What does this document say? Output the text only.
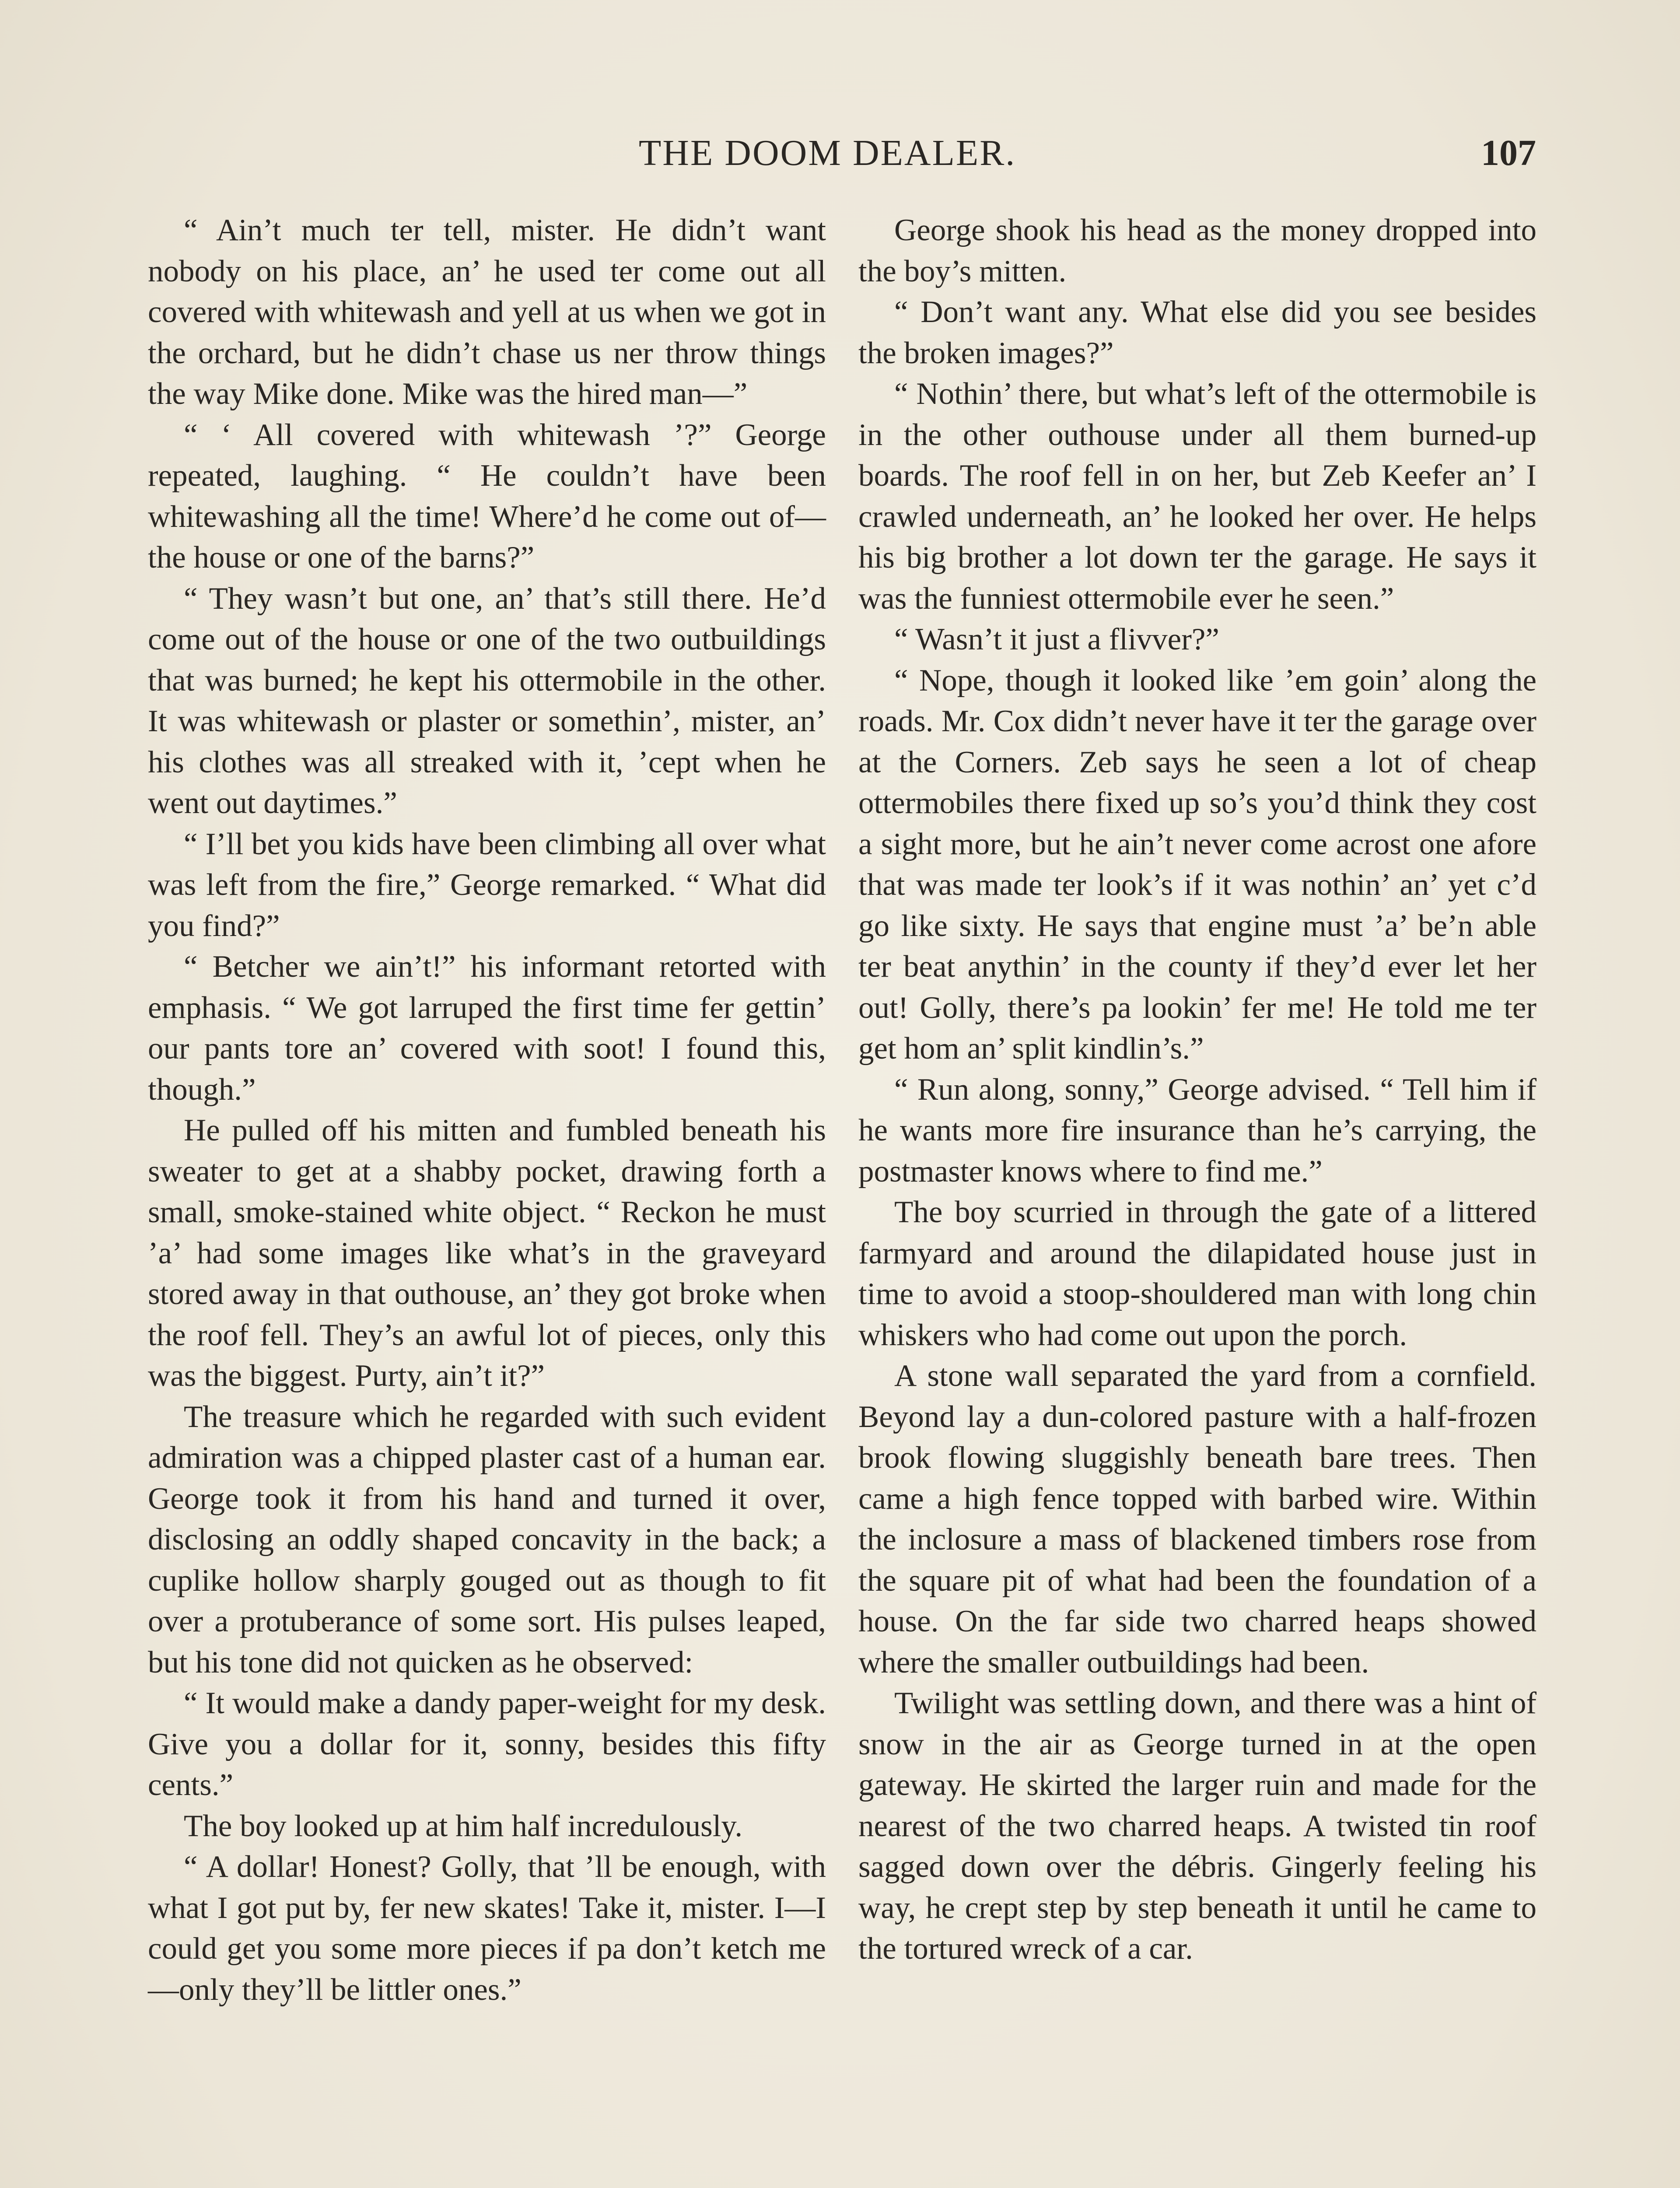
THE DOOM DEALER.	107

“ Ain’t much ter tell, mister. He didn’t want nobody on his place, an’ he used ter come out all covered with whitewash and yell at us when we got in the orchard, but he didn’t chase us ner throw things the way Mike done. Mike was the hired man—”

“ ‘ All covered with whitewash ’?” George repeated, laughing. “ He couldn’t have been whitewashing all the time! Where’d he come out of—the house or one of the barns?”

“ They wasn’t but one, an’ that’s still there. He’d come out of the house or one of the two outbuildings that was burned; he kept his ottermobile in the other. It was whitewash or plaster or somethin’, mister, an’ his clothes was all streaked with it, ’cept when he went out daytimes.”

“ I’ll bet you kids have been climbing all over what was left from the fire,” George remarked. “ What did you find?”

“ Betcher we ain’t!” his informant retorted with emphasis. “ We got larruped the first time fer gettin’ our pants tore an’ covered with soot! I found this, though.”

He pulled off his mitten and fumbled beneath his sweater to get at a shabby pocket, drawing forth a small, smoke-stained white object. “ Reckon he must ’a’ had some images like what’s in the graveyard stored away in that outhouse, an’ they got broke when the roof fell. They’s an awful lot of pieces, only this was the biggest. Purty, ain’t it?”

The treasure which he regarded with such evident admiration was a chipped plaster cast of a human ear. George took it from his hand and turned it over, disclosing an oddly shaped concavity in the back; a cuplike hollow sharply gouged out as though to fit over a protuberance of some sort. His pulses leaped, but his tone did not quicken as he observed:

“ It would make a dandy paper-weight for my desk. Give you a dollar for it, sonny, besides this fifty cents.”

The boy looked up at him half incredulously.

“ A dollar! Honest? Golly, that ’ll be enough, with what I got put by, fer new skates! Take it, mister. I—I could get you some more pieces if pa don’t ketch me —only they’ll be littler ones.”

George shook his head as the money dropped into the boy’s mitten.

“ Don’t want any. What else did you see besides the broken images?”

“ Nothin’ there, but what’s left of the ottermobile is in the other outhouse under all them burned-up boards. The roof fell in on her, but Zeb Keefer an’ I crawled underneath, an’ he looked her over. He helps his big brother a lot down ter the garage. He says it was the funniest ottermobile ever he seen.”

“ Wasn’t it just a flivver?”

“ Nope, though it looked like ’em goin’ along the roads. Mr. Cox didn’t never have it ter the garage over at the Corners. Zeb says he seen a lot of cheap ottermobiles there fixed up so’s you’d think they cost a sight more, but he ain’t never come acrost one afore that was made ter look’s if it was nothin’ an’ yet c’d go like sixty. He says that engine must ’a’ be’n able ter beat anythin’ in the county if they’d ever let her out! Golly, there’s pa lookin’ fer me! He told me ter get hom an’ split kindlin’s.”

“ Run along, sonny,” George advised. “ Tell him if he wants more fire insurance than he’s carrying, the postmaster knows where to find me.”

The boy scurried in through the gate of a littered farmyard and around the dilapidated house just in time to avoid a stoop-shouldered man with long chin whiskers who had come out upon the porch.

A stone wall separated the yard from a cornfield. Beyond lay a dun-colored pasture with a half-frozen brook flowing sluggishly beneath bare trees. Then came a high fence topped with barbed wire. Within the inclosure a mass of blackened timbers rose from the square pit of what had been the foundation of a house. On the far side two charred heaps showed where the smaller outbuildings had been.

Twilight was settling down, and there was a hint of snow in the air as George turned in at the open gateway. He skirted the larger ruin and made for the nearest of the two charred heaps. A twisted tin roof sagged down over the débris. Gingerly feeling his way, he crept step by step beneath it until he came to the tortured wreck of a car.
